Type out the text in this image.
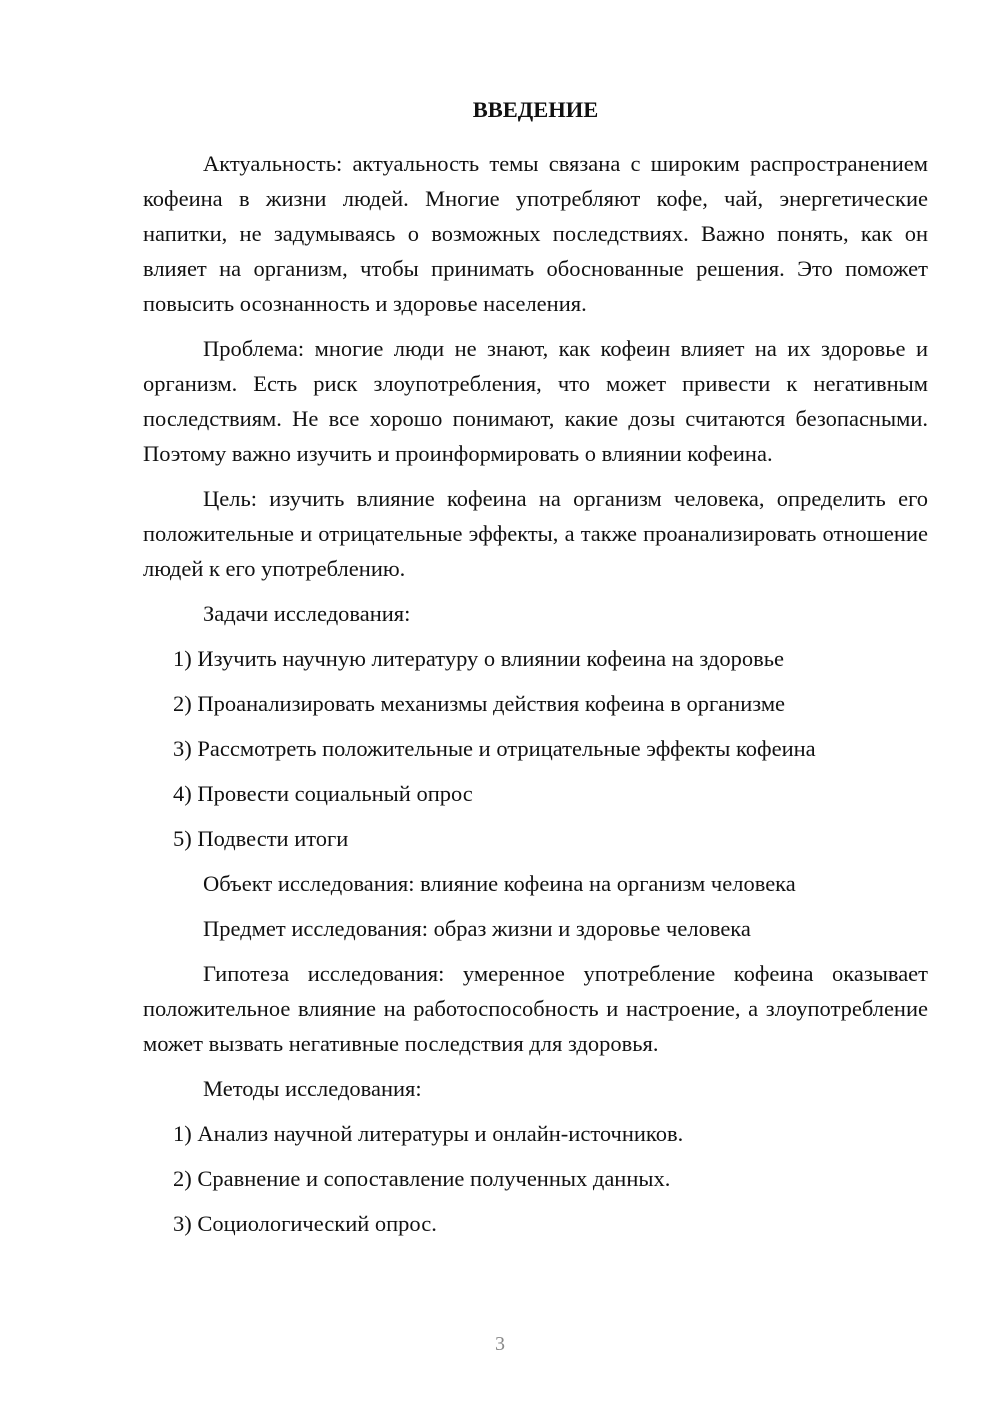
ВВЕДЕНИЕ

Актуальность: актуальность темы связана с широким распространением кофеина в жизни людей. Многие употребляют кофе, чай, энергетические напитки, не задумываясь о возможных последствиях. Важно понять, как он влияет на организм, чтобы принимать обоснованные решения. Это поможет повысить осознанность и здоровье населения.

Проблема: многие люди не знают, как кофеин влияет на их здоровье и организм. Есть риск злоупотребления, что может привести к негативным последствиям. Не все хорошо понимают, какие дозы считаются безопасными. Поэтому важно изучить и проинформировать о влиянии кофеина.

Цель: изучить влияние кофеина на организм человека, определить его положительные и отрицательные эффекты, а также проанализировать отношение людей к его употреблению.

Задачи исследования:
1) Изучить научную литературу о влиянии кофеина на здоровье
2) Проанализировать механизмы действия кофеина в организме
3) Рассмотреть положительные и отрицательные эффекты кофеина
4) Провести социальный опрос
5) Подвести итоги
Объект исследования: влияние кофеина на организм человека
Предмет исследования: образ жизни и здоровье человека

Гипотеза исследования: умеренное употребление кофеина оказывает положительное влияние на работоспособность и настроение, а злоупотребление может вызвать негативные последствия для здоровья.

Методы исследования:
1) Анализ научной литературы и онлайн-источников.
2) Сравнение и сопоставление полученных данных.
3) Социологический опрос.
3
